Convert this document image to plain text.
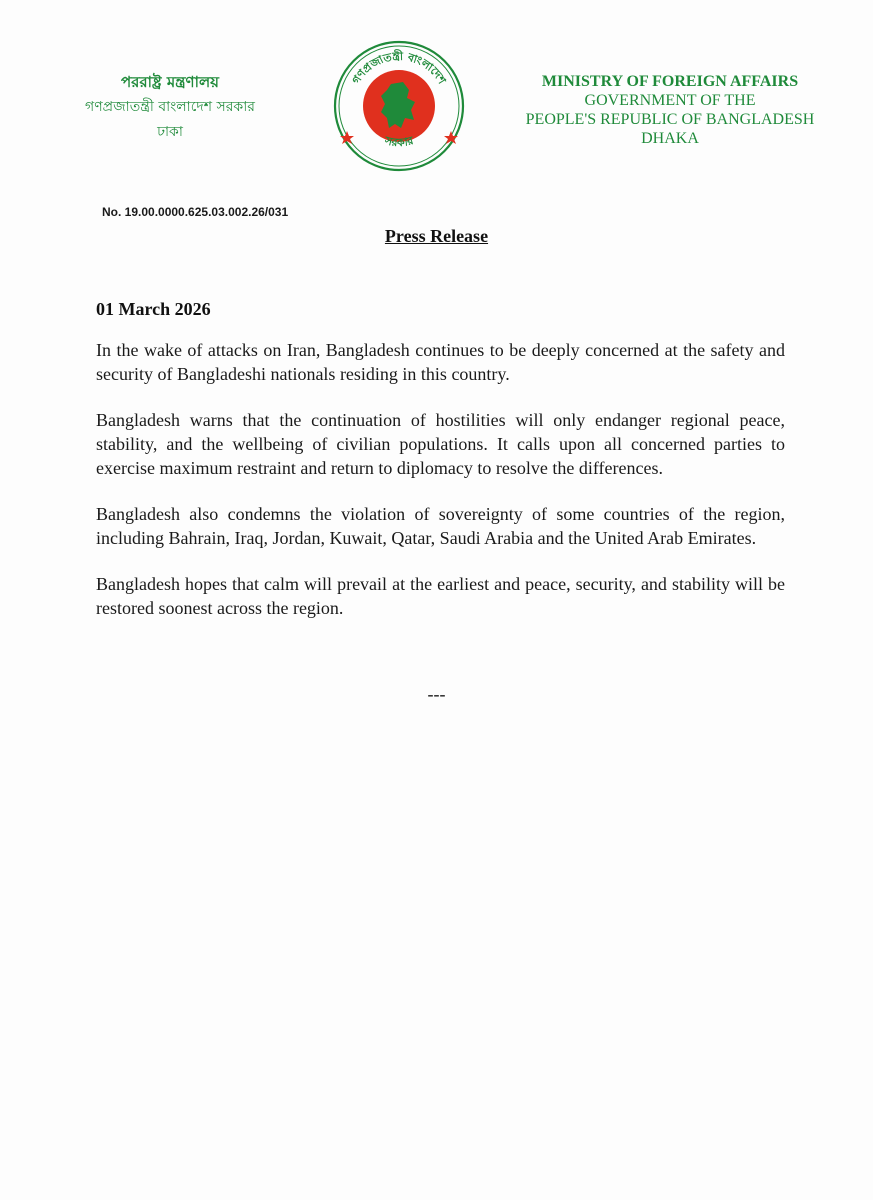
পররাষ্ট্র মন্ত্রণালয়
গণপ্রজাতন্ত্রী বাংলাদেশ সরকার
ঢাকা
গণপ্রজাতন্ত্রী বাংলাদেশ
সরকার
MINISTRY OF FOREIGN AFFAIRS
GOVERNMENT OF THE
PEOPLE'S REPUBLIC OF BANGLADESH
DHAKA
No. 19.00.0000.625.03.002.26/031
Press Release
01 March 2026

In the wake of attacks on Iran, Bangladesh continues to be deeply concerned at the safety and security of Bangladeshi nationals residing in this country.

Bangladesh warns that the continuation of hostilities will only endanger regional peace, stability, and the wellbeing of civilian populations. It calls upon all concerned parties to exercise maximum restraint and return to diplomacy to resolve the differences.

Bangladesh also condemns the violation of sovereignty of some countries of the region, including Bahrain, Iraq, Jordan, Kuwait, Qatar, Saudi Arabia and the United Arab Emirates.

Bangladesh hopes that calm will prevail at the earliest and peace, security, and stability will be restored soonest across the region.

---
